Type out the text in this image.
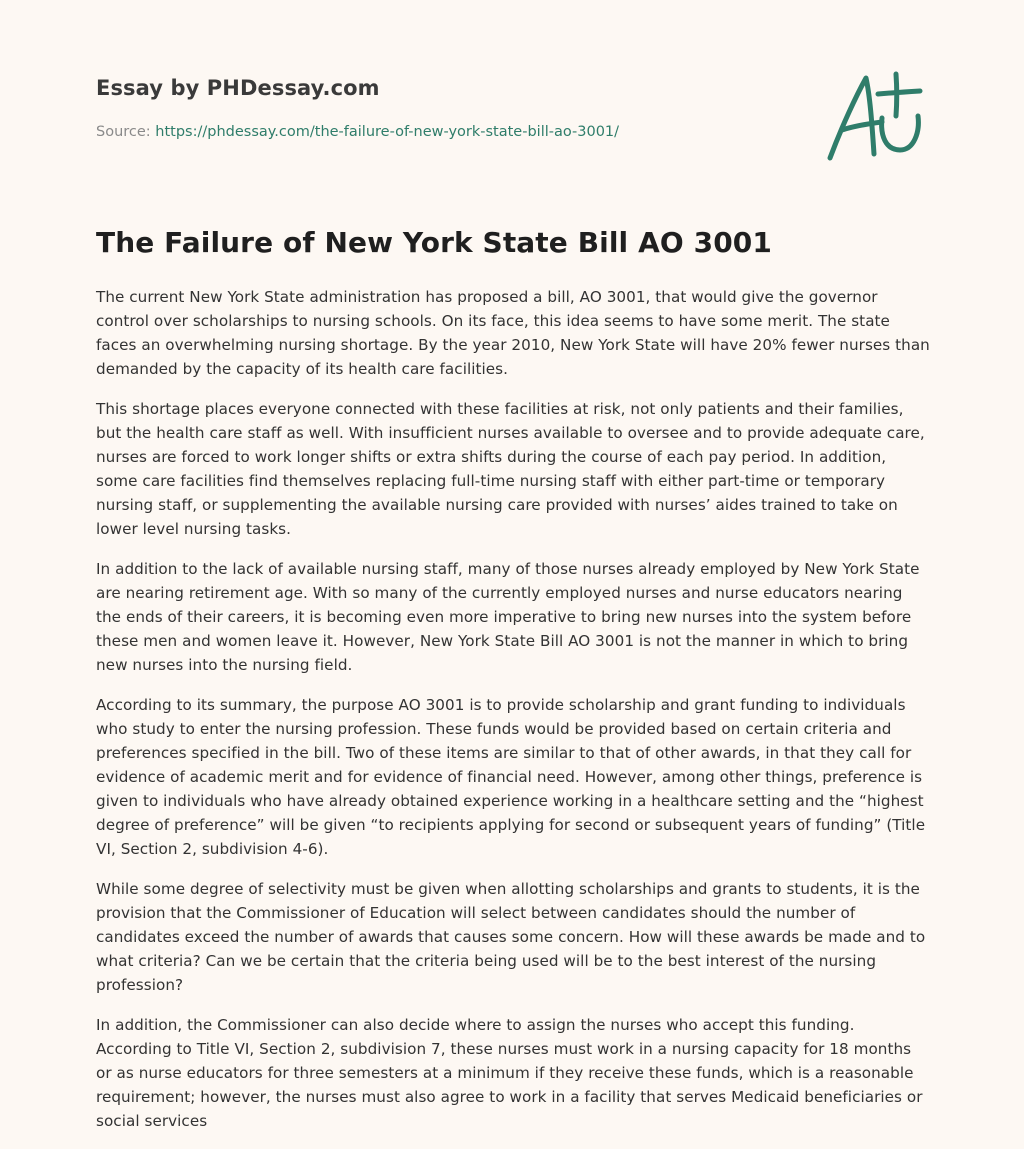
Essay by PHDessay.com
Source: https://phdessay.com/the-failure-of-new-york-state-bill-ao-3001/
The Failure of New York State Bill AO 3001

The current New York State administration has proposed a bill, AO 3001, that would give the governor control over scholarships to nursing schools. On its face, this idea seems to have some merit. The state faces an overwhelming nursing shortage. By the year 2010, New York State will have 20% fewer nurses than demanded by the capacity of its health care facilities.

This shortage places everyone connected with these facilities at risk, not only patients and their families, but the health care staff as well. With insufficient nurses available to oversee and to provide adequate care, nurses are forced to work longer shifts or extra shifts during the course of each pay period. In addition, some care facilities find themselves replacing full-time nursing staff with either part-time or temporary nursing staff, or supplementing the available nursing care provided with nurses’ aides trained to take on lower level nursing tasks.

In addition to the lack of available nursing staff, many of those nurses already employed by New York State are nearing retirement age. With so many of the currently employed nurses and nurse educators nearing the ends of their careers, it is becoming even more imperative to bring new nurses into the system before these men and women leave it. However, New York State Bill AO 3001 is not the manner in which to bring new nurses into the nursing field.

According to its summary, the purpose AO 3001 is to provide scholarship and grant funding to individuals who study to enter the nursing profession. These funds would be provided based on certain criteria and preferences specified in the bill. Two of these items are similar to that of other awards, in that they call for evidence of academic merit and for evidence of financial need. However, among other things, preference is given to individuals who have already obtained experience working in a healthcare setting and the “highest degree of preference” will be given “to recipients applying for second or subsequent years of funding” (Title VI, Section 2, subdivision 4-6).

While some degree of selectivity must be given when allotting scholarships and grants to students, it is the provision that the Commissioner of Education will select between candidates should the number of candidates exceed the number of awards that causes some concern. How will these awards be made and to what criteria? Can we be certain that the criteria being used will be to the best interest of the nursing profession?

In addition, the Commissioner can also decide where to assign the nurses who accept this funding. According to Title VI, Section 2, subdivision 7, these nurses must work in a nursing capacity for 18 months or as nurse educators for three semesters at a minimum if they receive these funds, which is a reasonable requirement; however, the nurses must also agree to work in a facility that serves Medicaid beneficiaries or social services
